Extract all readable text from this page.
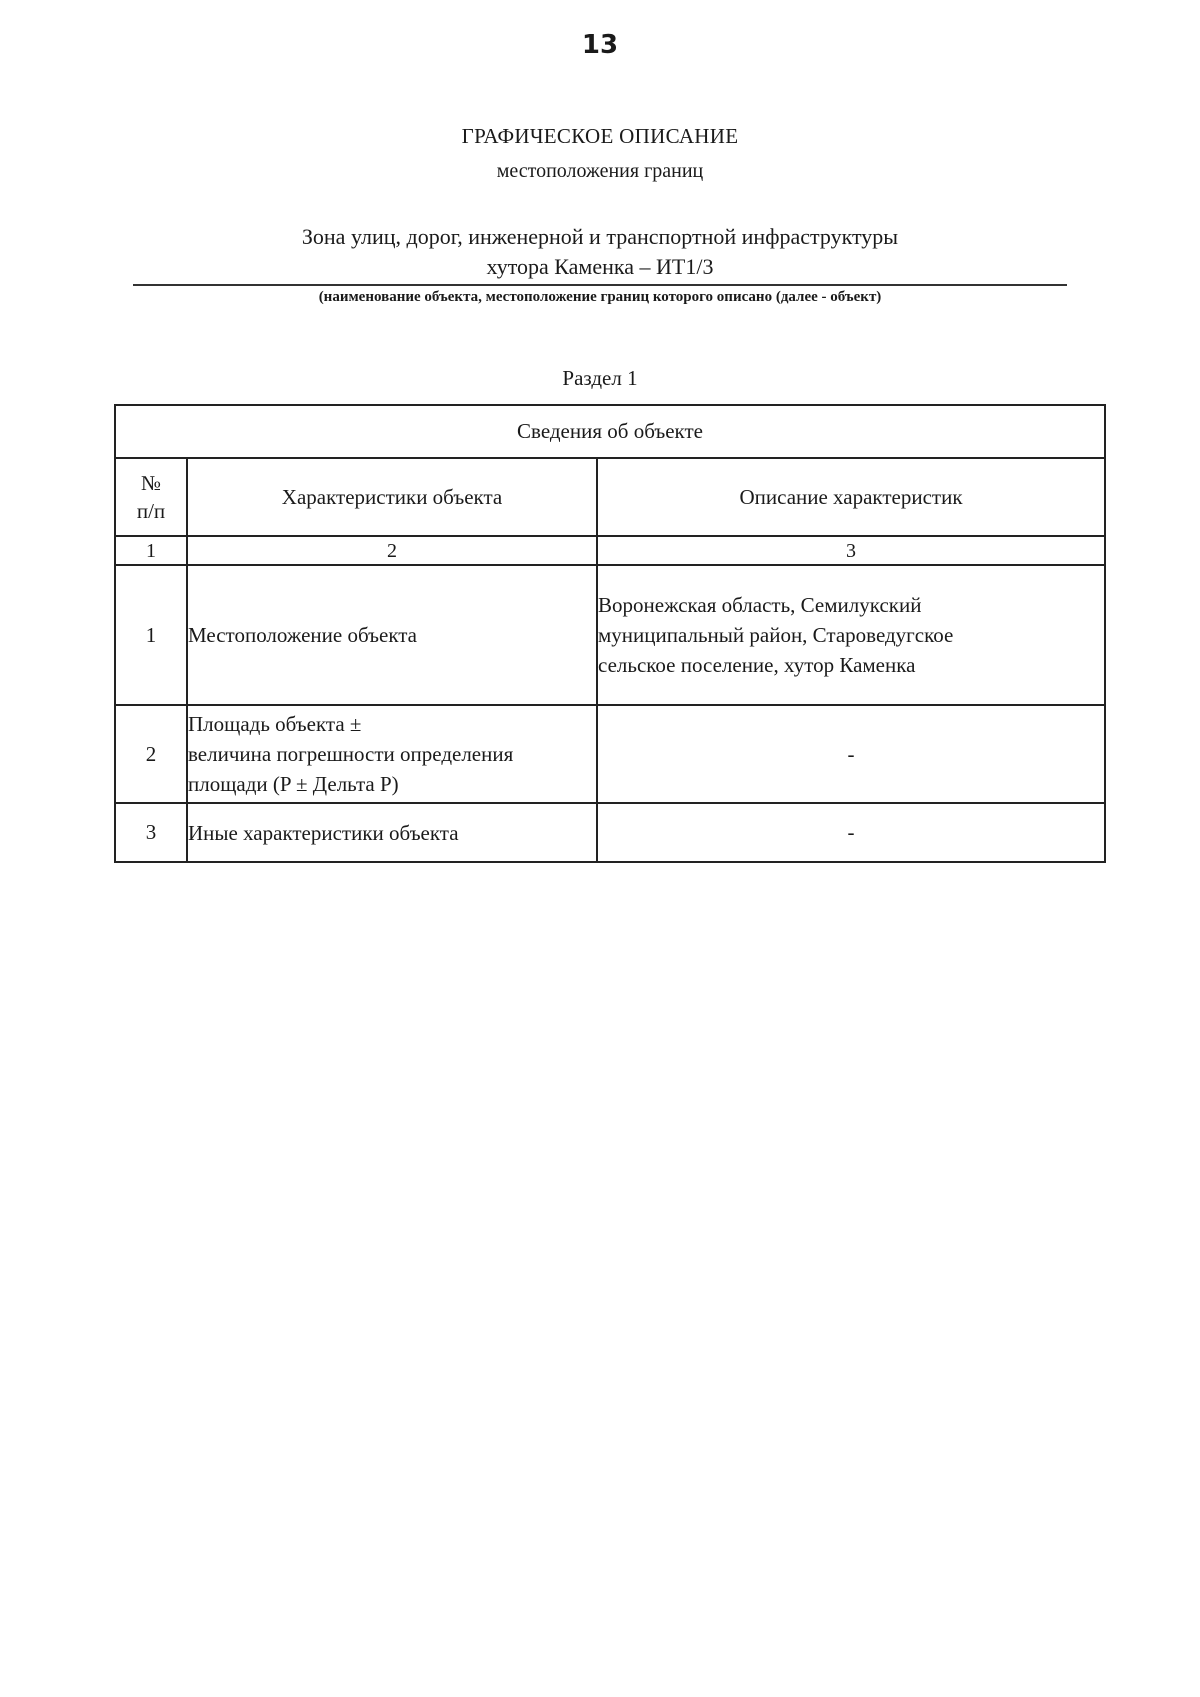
13
ГРАФИЧЕСКОЕ ОПИСАНИЕ
местоположения границ
Зона улиц, дорог, инженерной и транспортной инфраструктуры
хутора Каменка – ИТ1/3
(наименование объекта, местоположение границ которого описано (далее - объект)
Раздел 1
Сведения об объекте		
№
п/п	Характеристики объекта	Описание характеристик
1	2	3
1	Местоположение объекта	Воронежская область, Семилукский
муниципальный район, Староведугское
сельское поселение, хутор Каменка
2	Площадь объекта ±
величина погрешности определения
площади (P ± Дельта P)	-
3	Иные характеристики объекта	-
